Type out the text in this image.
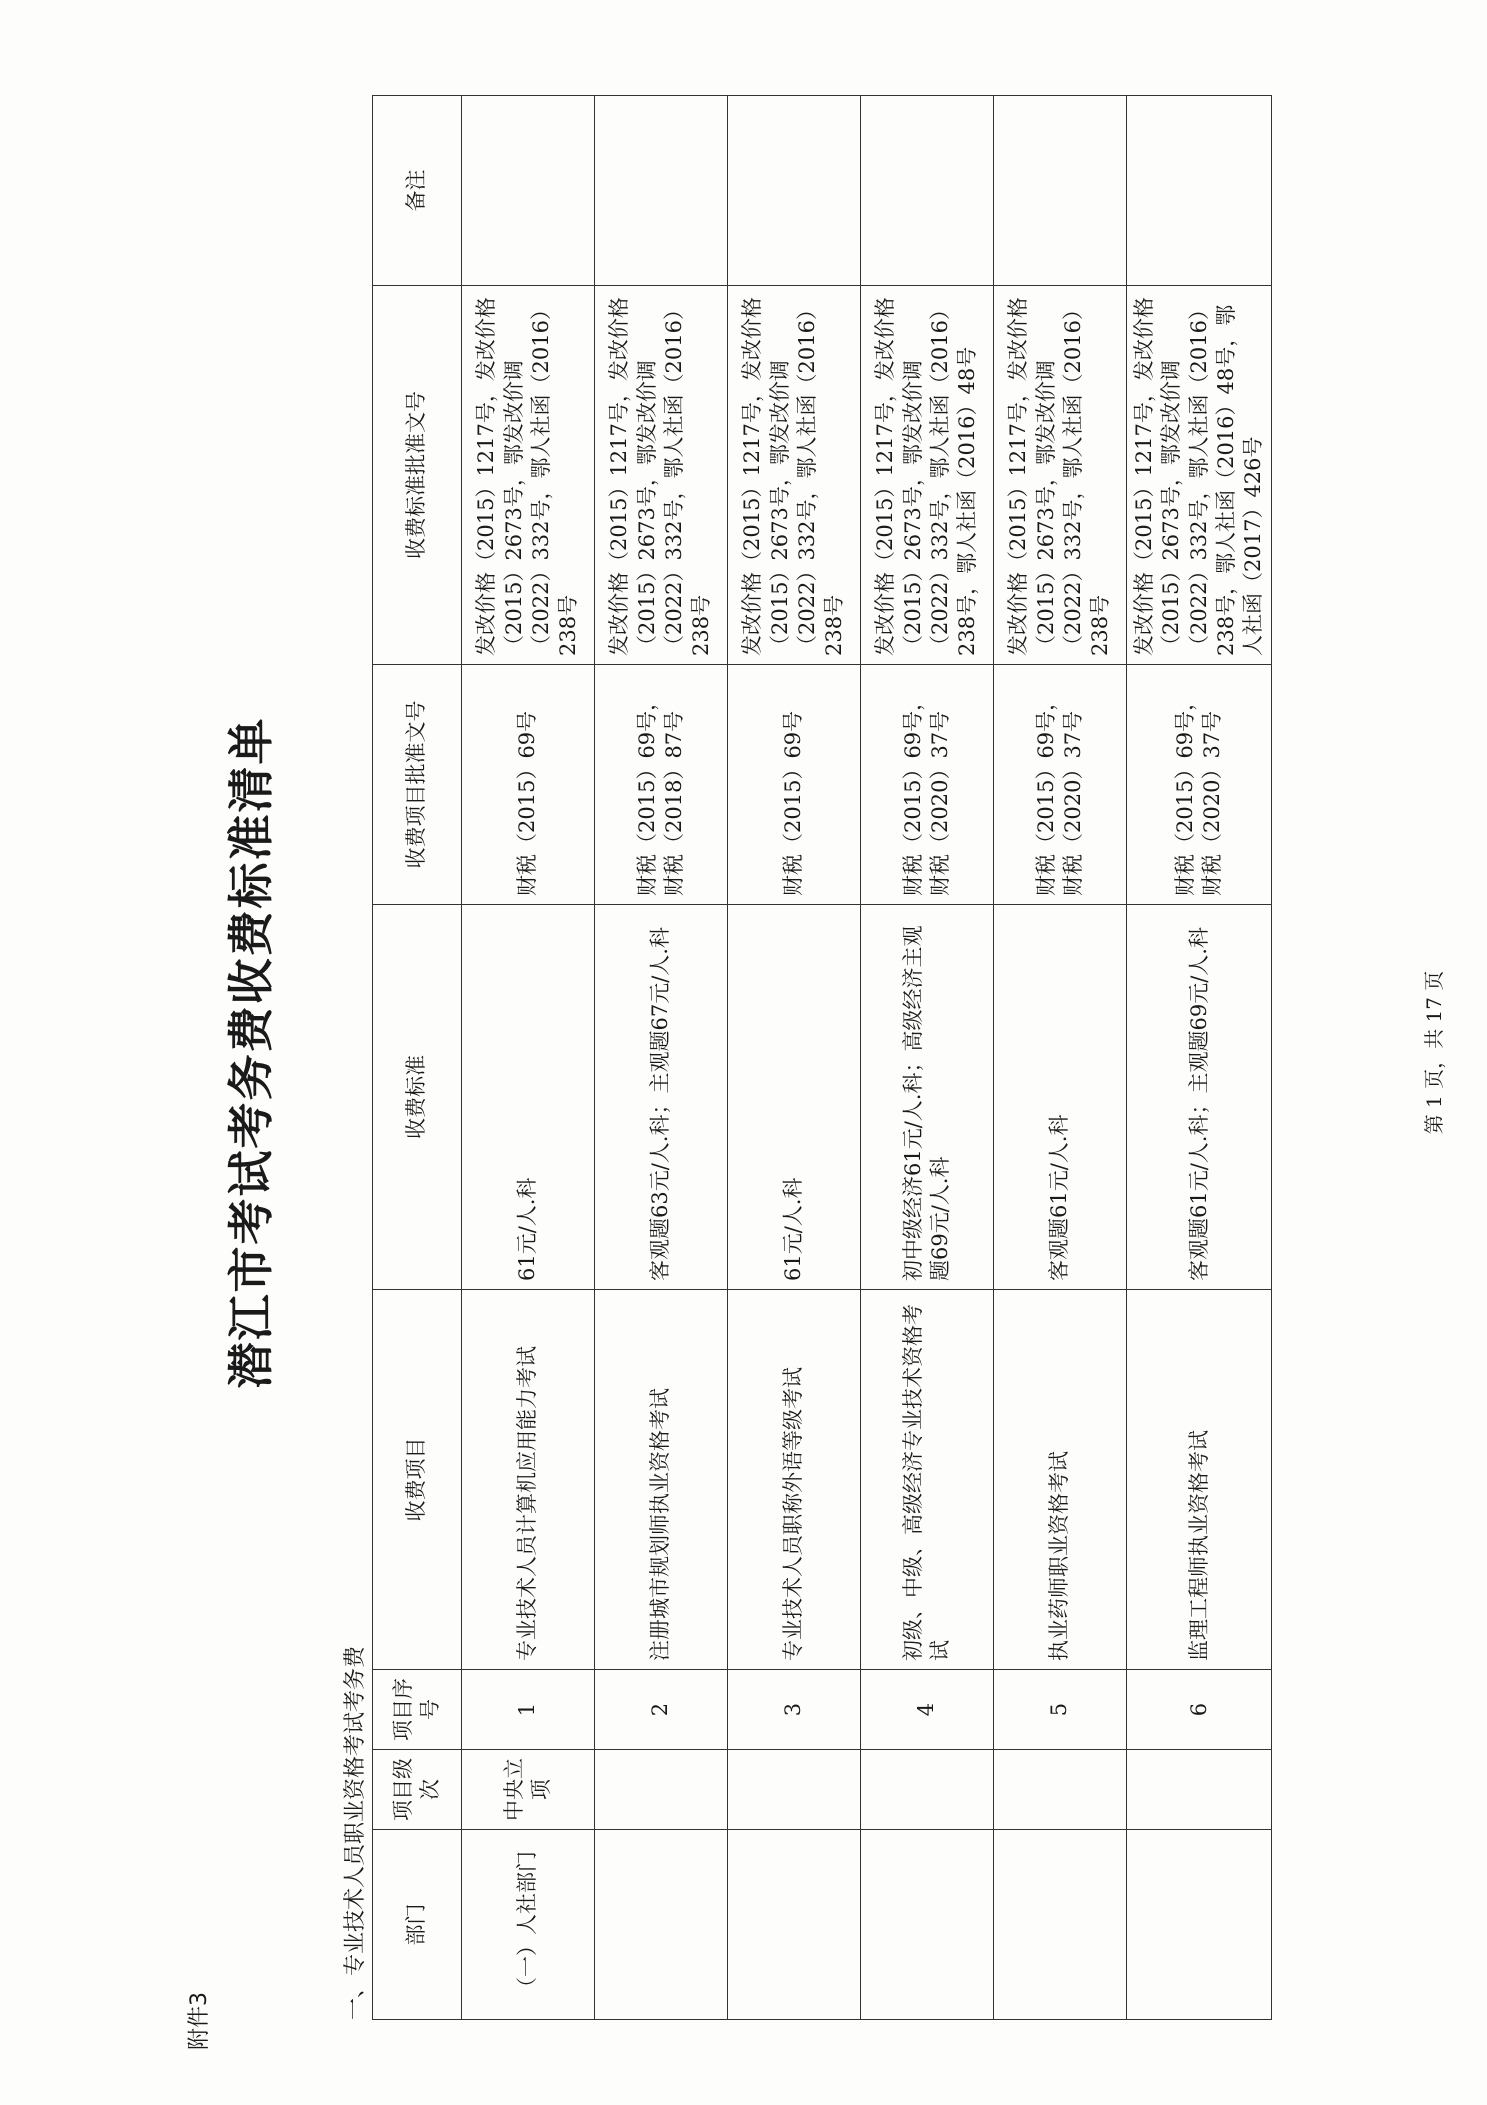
附件3
潜江市考试考务费收费标准清单
一、专业技术人员职业资格考试考务费 部门	项目级次	项目序号	收费项目	收费标准	收费项目批准文号	收费标准批准文号	备注
（一）人社部门	中央立项	1	专业技术人员计算机应用能力考试	61元/人.科	财税（2015）69号	发改价格（2015）1217号，发改价格（2015）2673号，鄂发改价调（2022）332号，鄂人社函（2016）238号	
		2	注册城市规划师执业资格考试	客观题63元/人.科；主观题67元/人.科	财税（2015）69号，财税（2018）87号	发改价格（2015）1217号，发改价格（2015）2673号，鄂发改价调（2022）332号，鄂人社函（2016）238号	
		3	专业技术人员职称外语等级考试	61元/人.科	财税（2015）69号	发改价格（2015）1217号，发改价格（2015）2673号，鄂发改价调（2022）332号，鄂人社函（2016）238号	
		4	初级、中级、高级经济专业技术资格考试	初中级经济61元/人.科；高级经济主观题69元/人.科	财税（2015）69号，财税（2020）37号	发改价格（2015）1217号，发改价格（2015）2673号，鄂发改价调（2022）332号，鄂人社函（2016）238号，鄂人社函（2016）48号	
		5	执业药师职业资格考试	客观题61元/人.科	财税（2015）69号，财税（2020）37号	发改价格（2015）1217号，发改价格（2015）2673号，鄂发改价调（2022）332号，鄂人社函（2016）238号	
		6	监理工程师执业资格考试	客观题61元/人.科；主观题69元/人.科	财税（2015）69号，财税（2020）37号	发改价格（2015）1217号，发改价格（2015）2673号，鄂发改价调（2022）332号，鄂人社函（2016）238号，鄂人社函（2016）48号，鄂人社函（2017）426号	
第 1 页，共 17 页
